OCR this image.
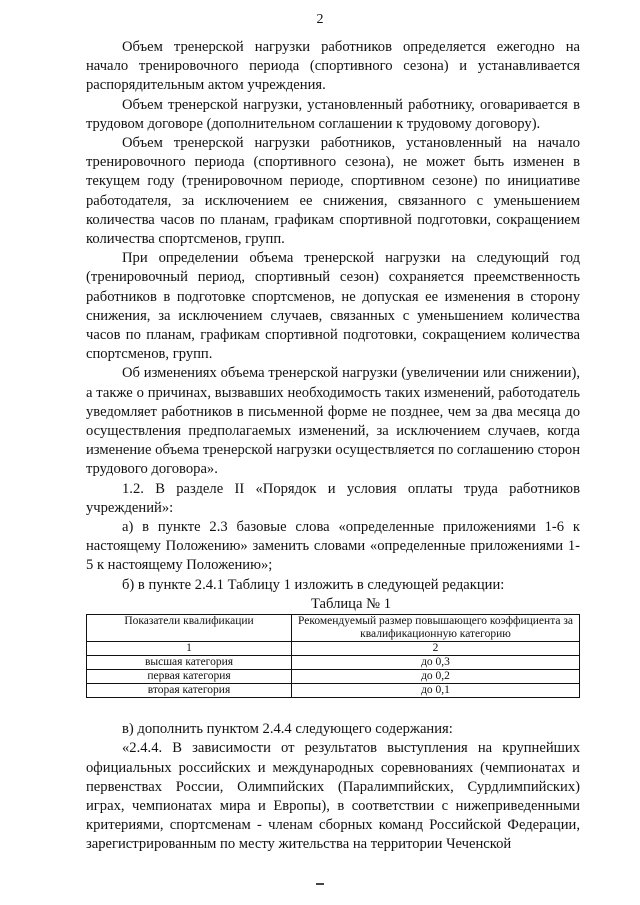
2

Объем тренерской нагрузки работников определяется ежегодно на начало тренировочного периода (спортивного сезона) и устанавливается распорядительным актом учреждения.

Объем тренерской нагрузки, установленный работнику, оговаривается в трудовом договоре (дополнительном соглашении к трудовому договору).

Объем тренерской нагрузки работников, установленный на начало тренировочного периода (спортивного сезона), не может быть изменен в текущем году (тренировочном периоде, спортивном сезоне) по инициативе работодателя, за исключением ее снижения, связанного с уменьшением количества часов по планам, графикам спортивной подготовки, сокращением количества спортсменов, групп.

При определении объема тренерской нагрузки на следующий год (тренировочный период, спортивный сезон) сохраняется преемственность работников в подготовке спортсменов, не допуская ее изменения в сторону снижения, за исключением случаев, связанных с уменьшением количества часов по планам, графикам спортивной подготовки, сокращением количества спортсменов, групп.

Об изменениях объема тренерской нагрузки (увеличении или снижении), а также о причинах, вызвавших необходимость таких изменений, работодатель уведомляет работников в письменной форме не позднее, чем за два месяца до осуществления предполагаемых изменений, за исключением случаев, когда изменение объема тренерской нагрузки осуществляется по соглашению сторон трудового договора».

1.2. В разделе II «Порядок и условия оплаты труда работников учреждений»:

а) в пункте 2.3 базовые слова «определенные приложениями 1-6 к настоящему Положению» заменить словами «определенные приложениями 1-5 к настоящему Положению»;

б) в пункте 2.4.1 Таблицу 1 изложить в следующей редакции:

Таблица № 1

Показатели квалификации	Рекомендуемый размер повышающего коэффициента за квалификационную категорию
1	2
высшая категория	до 0,3
первая категория	до 0,2
вторая категория	до 0,1

в) дополнить пунктом 2.4.4 следующего содержания:

«2.4.4. В зависимости от результатов выступления на крупнейших официальных российских и международных соревнованиях (чемпионатах и первенствах России, Олимпийских (Паралимпийских, Сурдлимпийских) играх, чемпионатах мира и Европы), в соответствии с нижеприведенными критериями, спортсменам - членам сборных команд Российской Федерации, зарегистрированным по месту жительства на территории Чеченской
